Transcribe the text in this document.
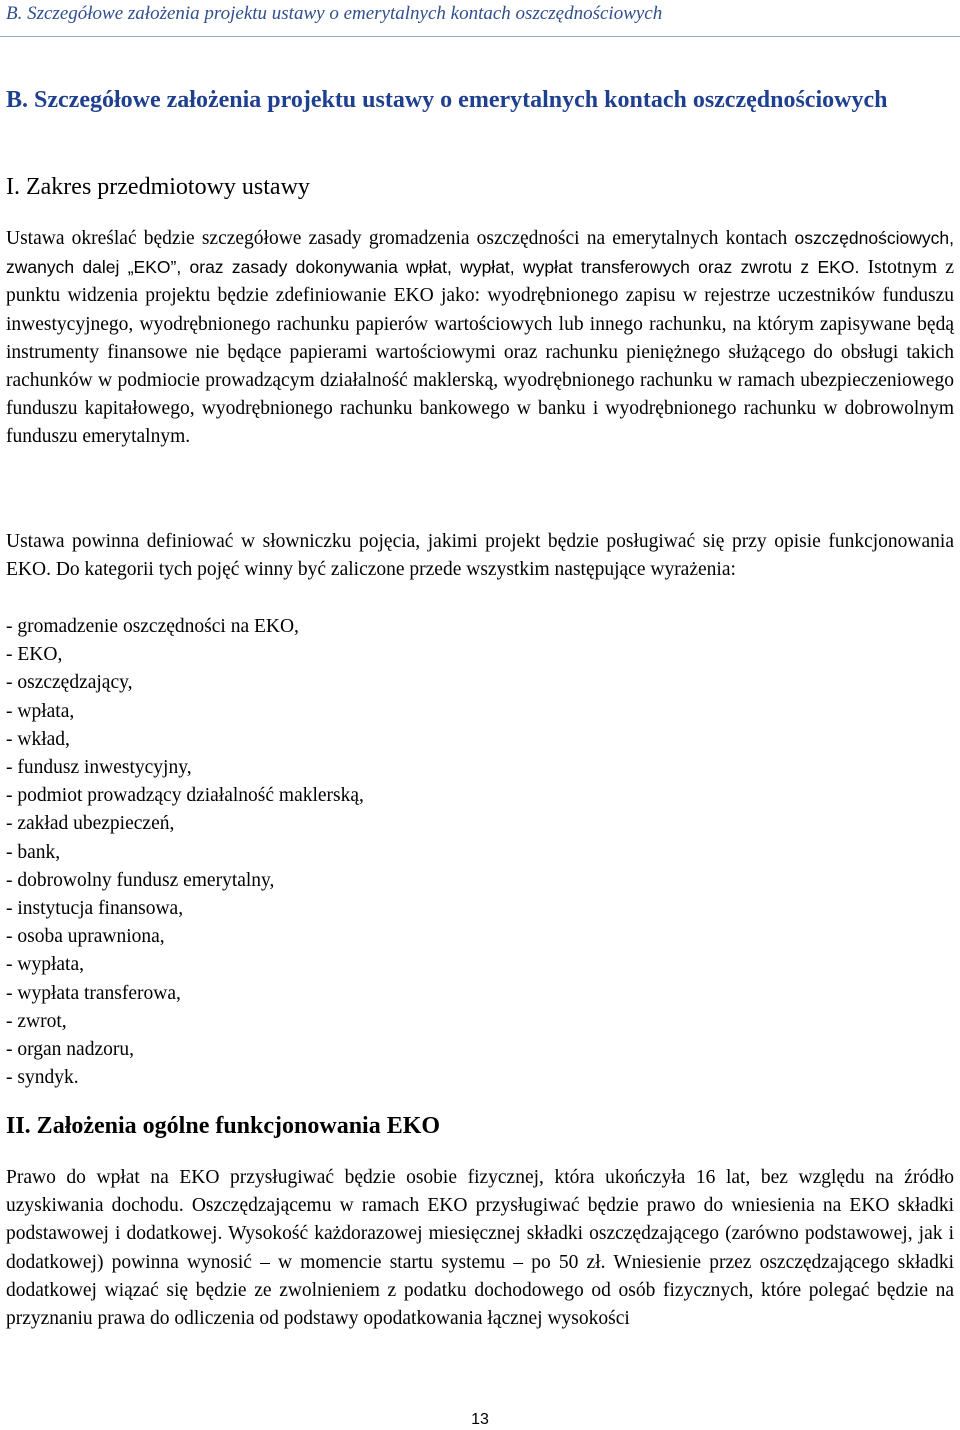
B. Szczegółowe założenia projektu ustawy o emerytalnych kontach oszczędnościowych
B. Szczegółowe założenia projektu ustawy o emerytalnych kontach oszczędnościowych
I. Zakres przedmiotowy ustawy

Ustawa określać będzie szczegółowe zasady gromadzenia oszczędności na emerytalnych kontach oszczędnościowych, zwanych dalej „EKO”, oraz zasady dokonywania wpłat, wypłat, wypłat transferowych oraz zwrotu z EKO. Istotnym z punktu widzenia projektu będzie zdefiniowanie EKO jako: wyodrębnionego zapisu w rejestrze uczestników funduszu inwestycyjnego, wyodrębnionego rachunku papierów wartościowych lub innego rachunku, na którym zapisywane będą instrumenty finansowe nie będące papierami wartościowymi oraz rachunku pieniężnego służącego do obsługi takich rachunków w podmiocie prowadzącym działalność maklerską, wyodrębnionego rachunku w ramach ubezpieczeniowego funduszu kapitałowego, wyodrębnionego rachunku bankowego w banku i wyodrębnionego rachunku w dobrowolnym funduszu emerytalnym.

Ustawa powinna definiować w słowniczku pojęcia, jakimi projekt będzie posługiwać się przy opisie funkcjonowania EKO. Do kategorii tych pojęć winny być zaliczone przede wszystkim następujące wyrażenia:

- gromadzenie oszczędności na EKO,
- EKO,
- oszczędzający,
- wpłata,
- wkład,
- fundusz inwestycyjny,
- podmiot prowadzący działalność maklerską,
- zakład ubezpieczeń,
- bank,
- dobrowolny fundusz emerytalny,
- instytucja finansowa,
- osoba uprawniona,
- wypłata,
- wypłata transferowa,
- zwrot,
- organ nadzoru,
- syndyk.
II. Założenia ogólne funkcjonowania EKO

Prawo do wpłat na EKO przysługiwać będzie osobie fizycznej, która ukończyła 16 lat, bez względu na źródło uzyskiwania dochodu. Oszczędzającemu w ramach EKO przysługiwać będzie prawo do wniesienia na EKO składki podstawowej i dodatkowej. Wysokość każdorazowej miesięcznej składki oszczędzającego (zarówno podstawowej, jak i dodatkowej) powinna wynosić – w momencie startu systemu – po 50 zł. Wniesienie przez oszczędzającego składki dodatkowej wiązać się będzie ze zwolnieniem z podatku dochodowego od osób fizycznych, które polegać będzie na przyznaniu prawa do odliczenia od podstawy opodatkowania łącznej wysokości

13
